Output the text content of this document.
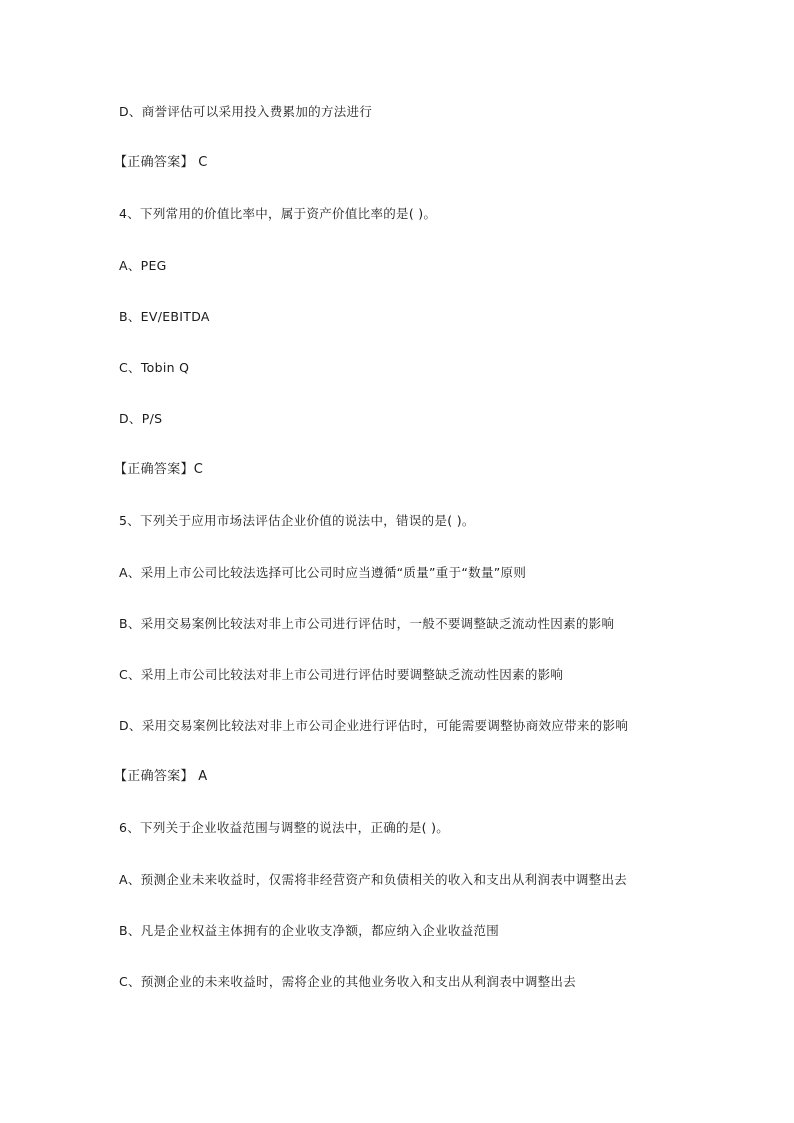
D、商誉评估可以采用投入费累加的方法进行
【正确答案】 C
4、下列常用的价值比率中，属于资产价值比率的是( )。
A、PEG
B、EV/EBITDA
C、Tobin Q
D、P/S
【正确答案】C
5、下列关于应用市场法评估企业价值的说法中，错误的是( )。
A、采用上市公司比较法选择可比公司时应当遵循“质量”重于“数量”原则
B、采用交易案例比较法对非上市公司进行评估时，一般不要调整缺乏流动性因素的影响
C、采用上市公司比较法对非上市公司进行评估时要调整缺乏流动性因素的影响
D、采用交易案例比较法对非上市公司企业进行评估时，可能需要调整协商效应带来的影响
【正确答案】 A
6、下列关于企业收益范围与调整的说法中，正确的是( )。
A、预测企业未来收益时，仅需将非经营资产和负债相关的收入和支出从利润表中调整出去
B、凡是企业权益主体拥有的企业收支净额，都应纳入企业收益范围
C、预测企业的未来收益时，需将企业的其他业务收入和支出从利润表中调整出去
